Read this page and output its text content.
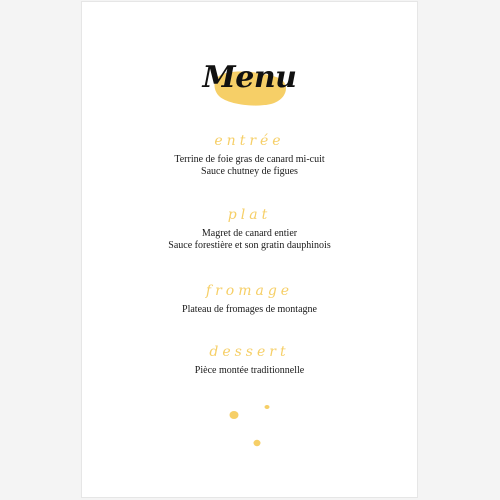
Menu
entrée
Terrine de foie gras de canard mi-cuit
Sauce chutney de figues
plat
Magret de canard entier
Sauce forestière et son gratin dauphinois
fromage
Plateau de fromages de montagne
dessert
Pièce montée traditionnelle
